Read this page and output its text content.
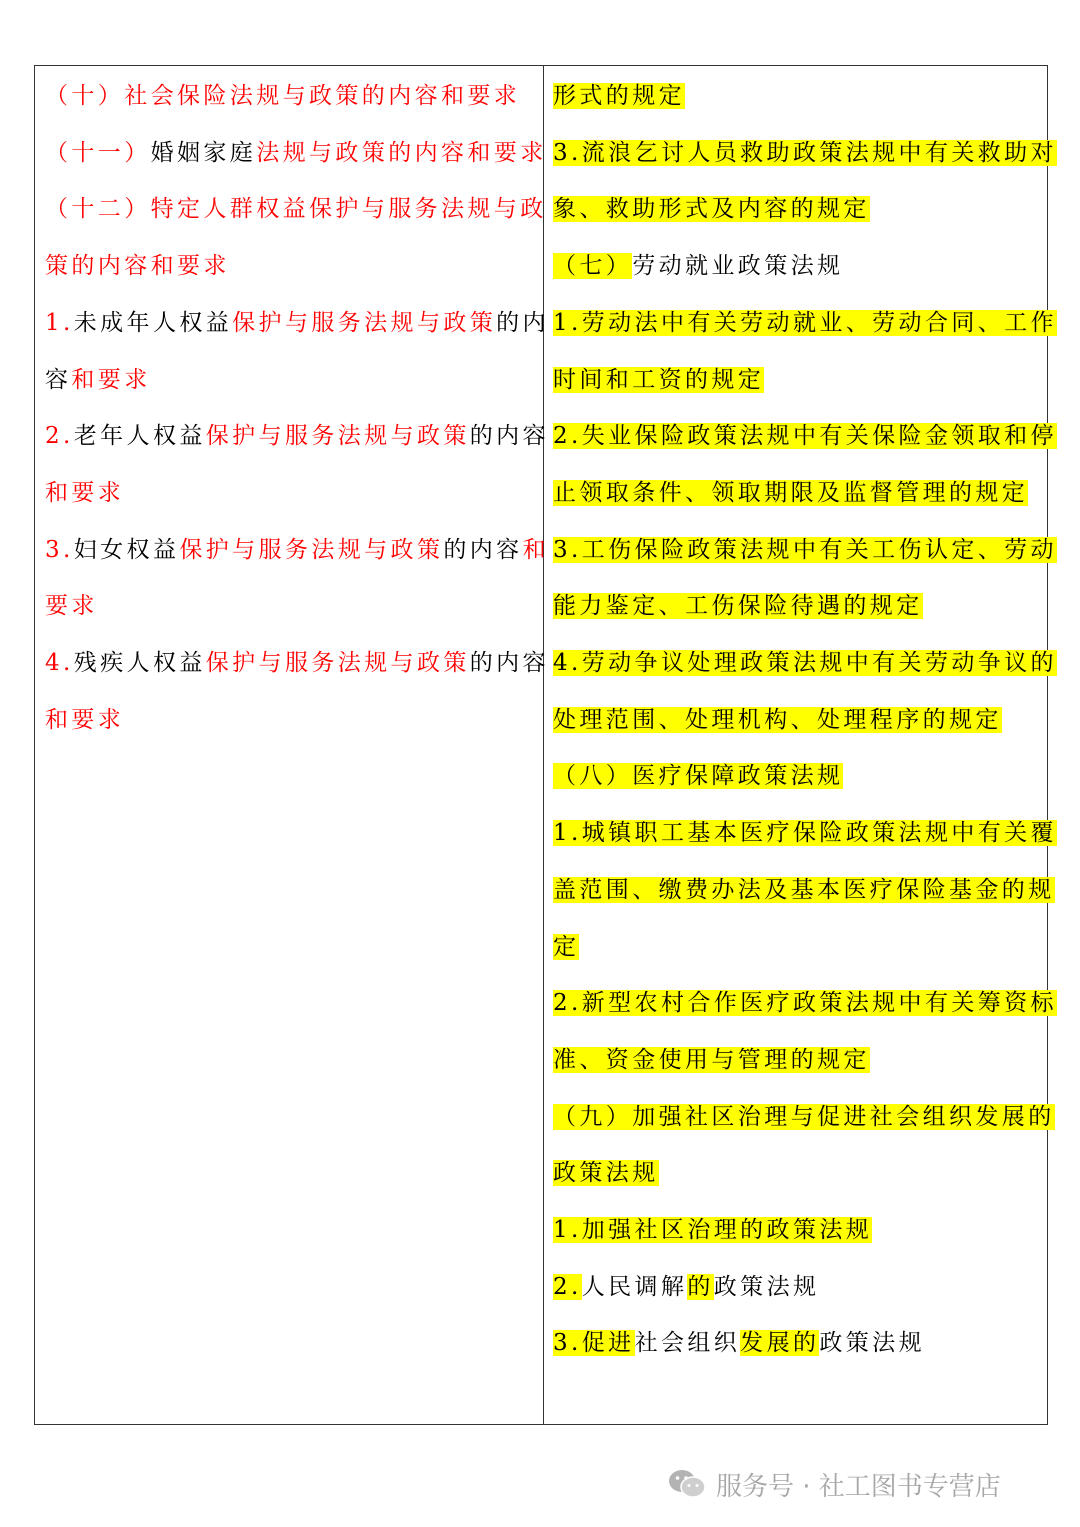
（十）社会保险法规与政策的内容和要求
（十一）婚姻家庭法规与政策的内容和要求
（十二）特定人群权益保护与服务法规与政
策的内容和要求
1.未成年人权益保护与服务法规与政策的内
容和要求
2.老年人权益保护与服务法规与政策的内容
和要求
3.妇女权益保护与服务法规与政策的内容和
要求
4.残疾人权益保护与服务法规与政策的内容
和要求
形式的规定
3.流浪乞讨人员救助政策法规中有关救助对
象、救助形式及内容的规定
（七）劳动就业政策法规
1.劳动法中有关劳动就业、劳动合同、工作
时间和工资的规定
2.失业保险政策法规中有关保险金领取和停
止领取条件、领取期限及监督管理的规定
3.工伤保险政策法规中有关工伤认定、劳动
能力鉴定、工伤保险待遇的规定
4.劳动争议处理政策法规中有关劳动争议的
处理范围、处理机构、处理程序的规定
（八）医疗保障政策法规
1.城镇职工基本医疗保险政策法规中有关覆
盖范围、缴费办法及基本医疗保险基金的规
定
2.新型农村合作医疗政策法规中有关筹资标
准、资金使用与管理的规定
（九）加强社区治理与促进社会组织发展的
政策法规
1.加强社区治理的政策法规
2.人民调解的政策法规
3.促进社会组织发展的政策法规
服务号 · 社工图书专营店
